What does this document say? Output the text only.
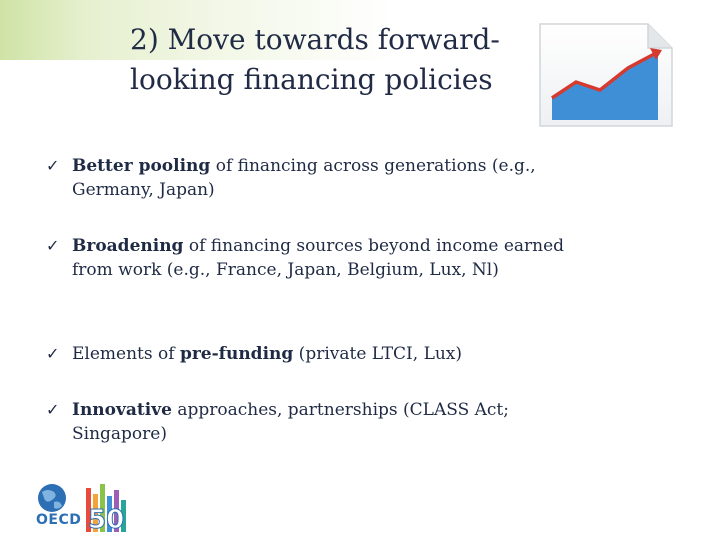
2) Move towards forward-
looking financing policies
✓ Better pooling of financing across generations (e.g., Germany, Japan)
✓ Broadening of financing sources beyond income earned from work (e.g., France, Japan, Belgium, Lux, Nl)
✓ Elements of pre-funding (private LTCI, Lux)
✓ Innovative approaches, partnerships (CLASS Act; Singapore)
50
OECD
